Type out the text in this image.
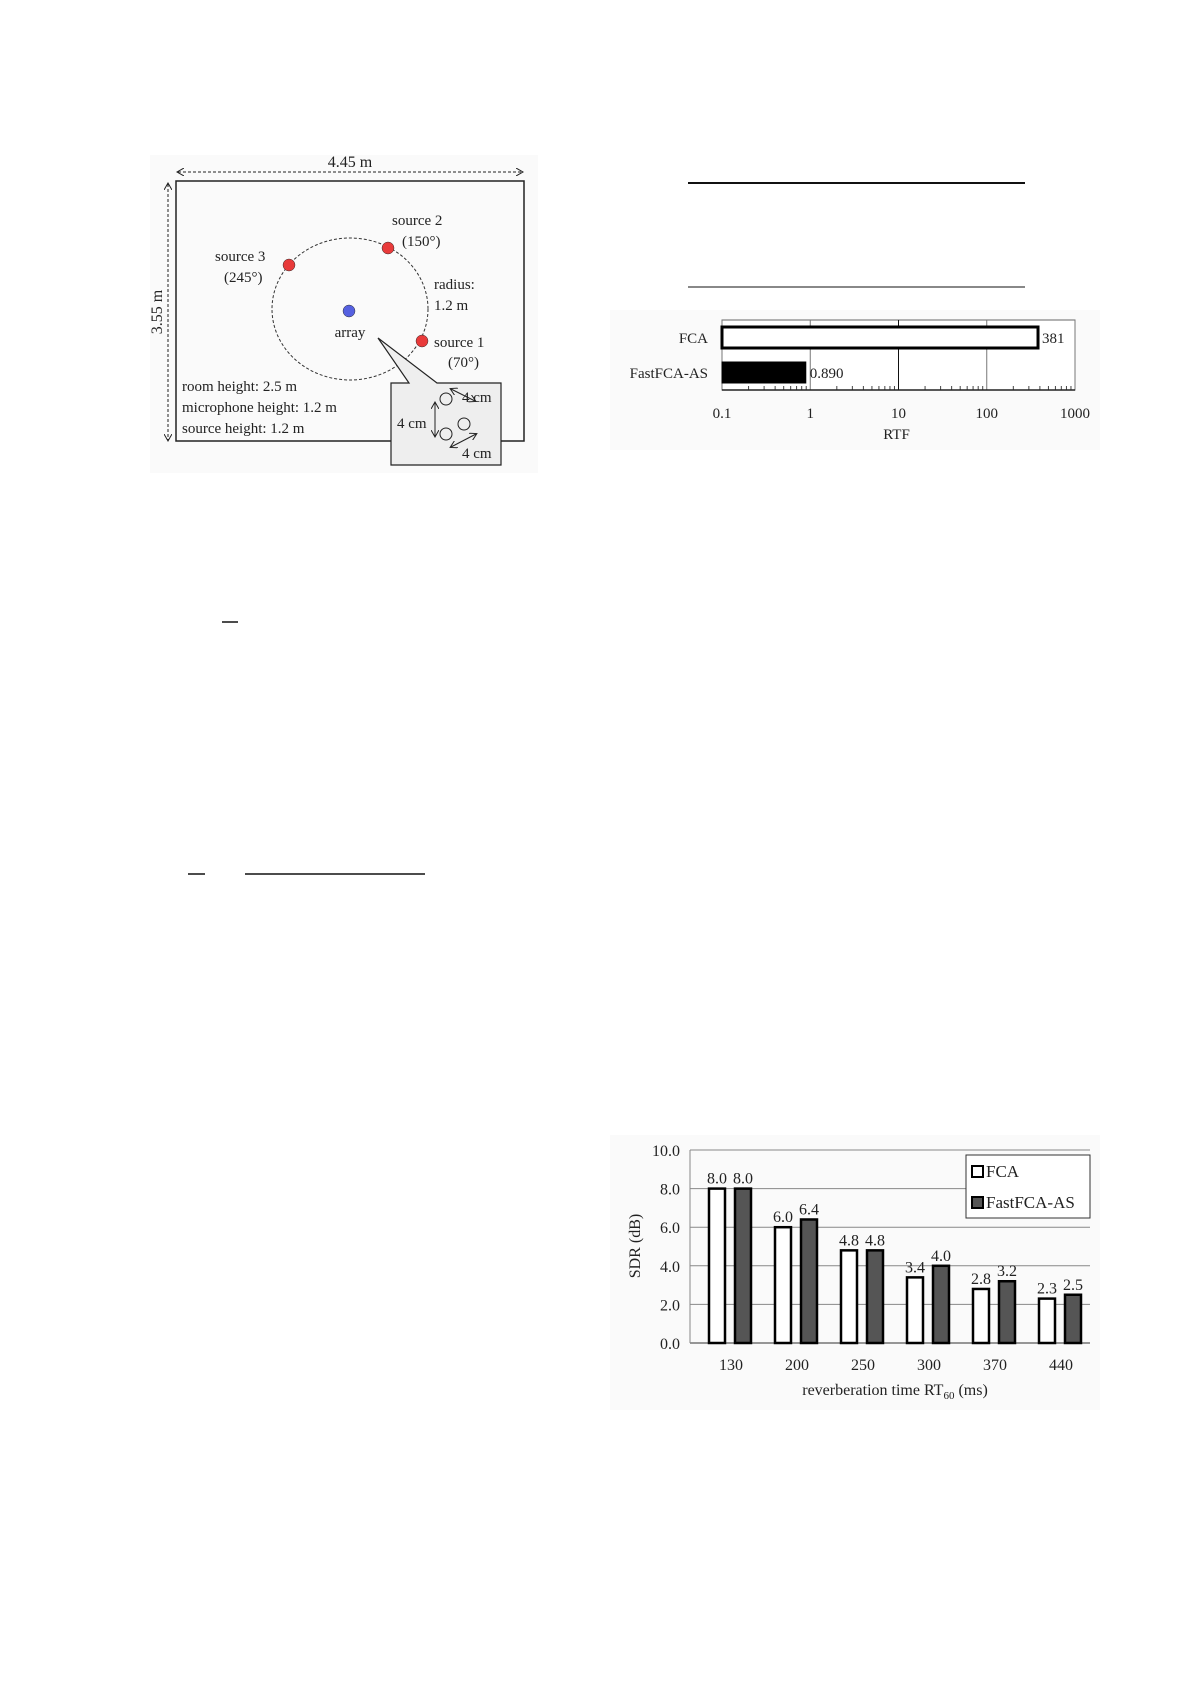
4.45 m
3.55 m	array
source 1
(70°)
source 2
(150°)
source 3
(245°)	radius:
1.2 m
room height: 2.5 m
microphone height: 1.2 m
source height: 1.2 m
4 cm
4 cm
4 cm
0.1	1	10	100	1000
FCA	381
FastFCA-AS	0.890
RTF
0.0
2.0
4.0
6.0
8.0
10.0
8.0 8.0
130
6.0 6.4
200
4.8 4.8
250
3.4
4.0
300
2.8 3.2
370
2.3 2.5
440
reverberation time $RT_{60}$ (ms)
SDR (dB)
FCA
FastFCA-AS
